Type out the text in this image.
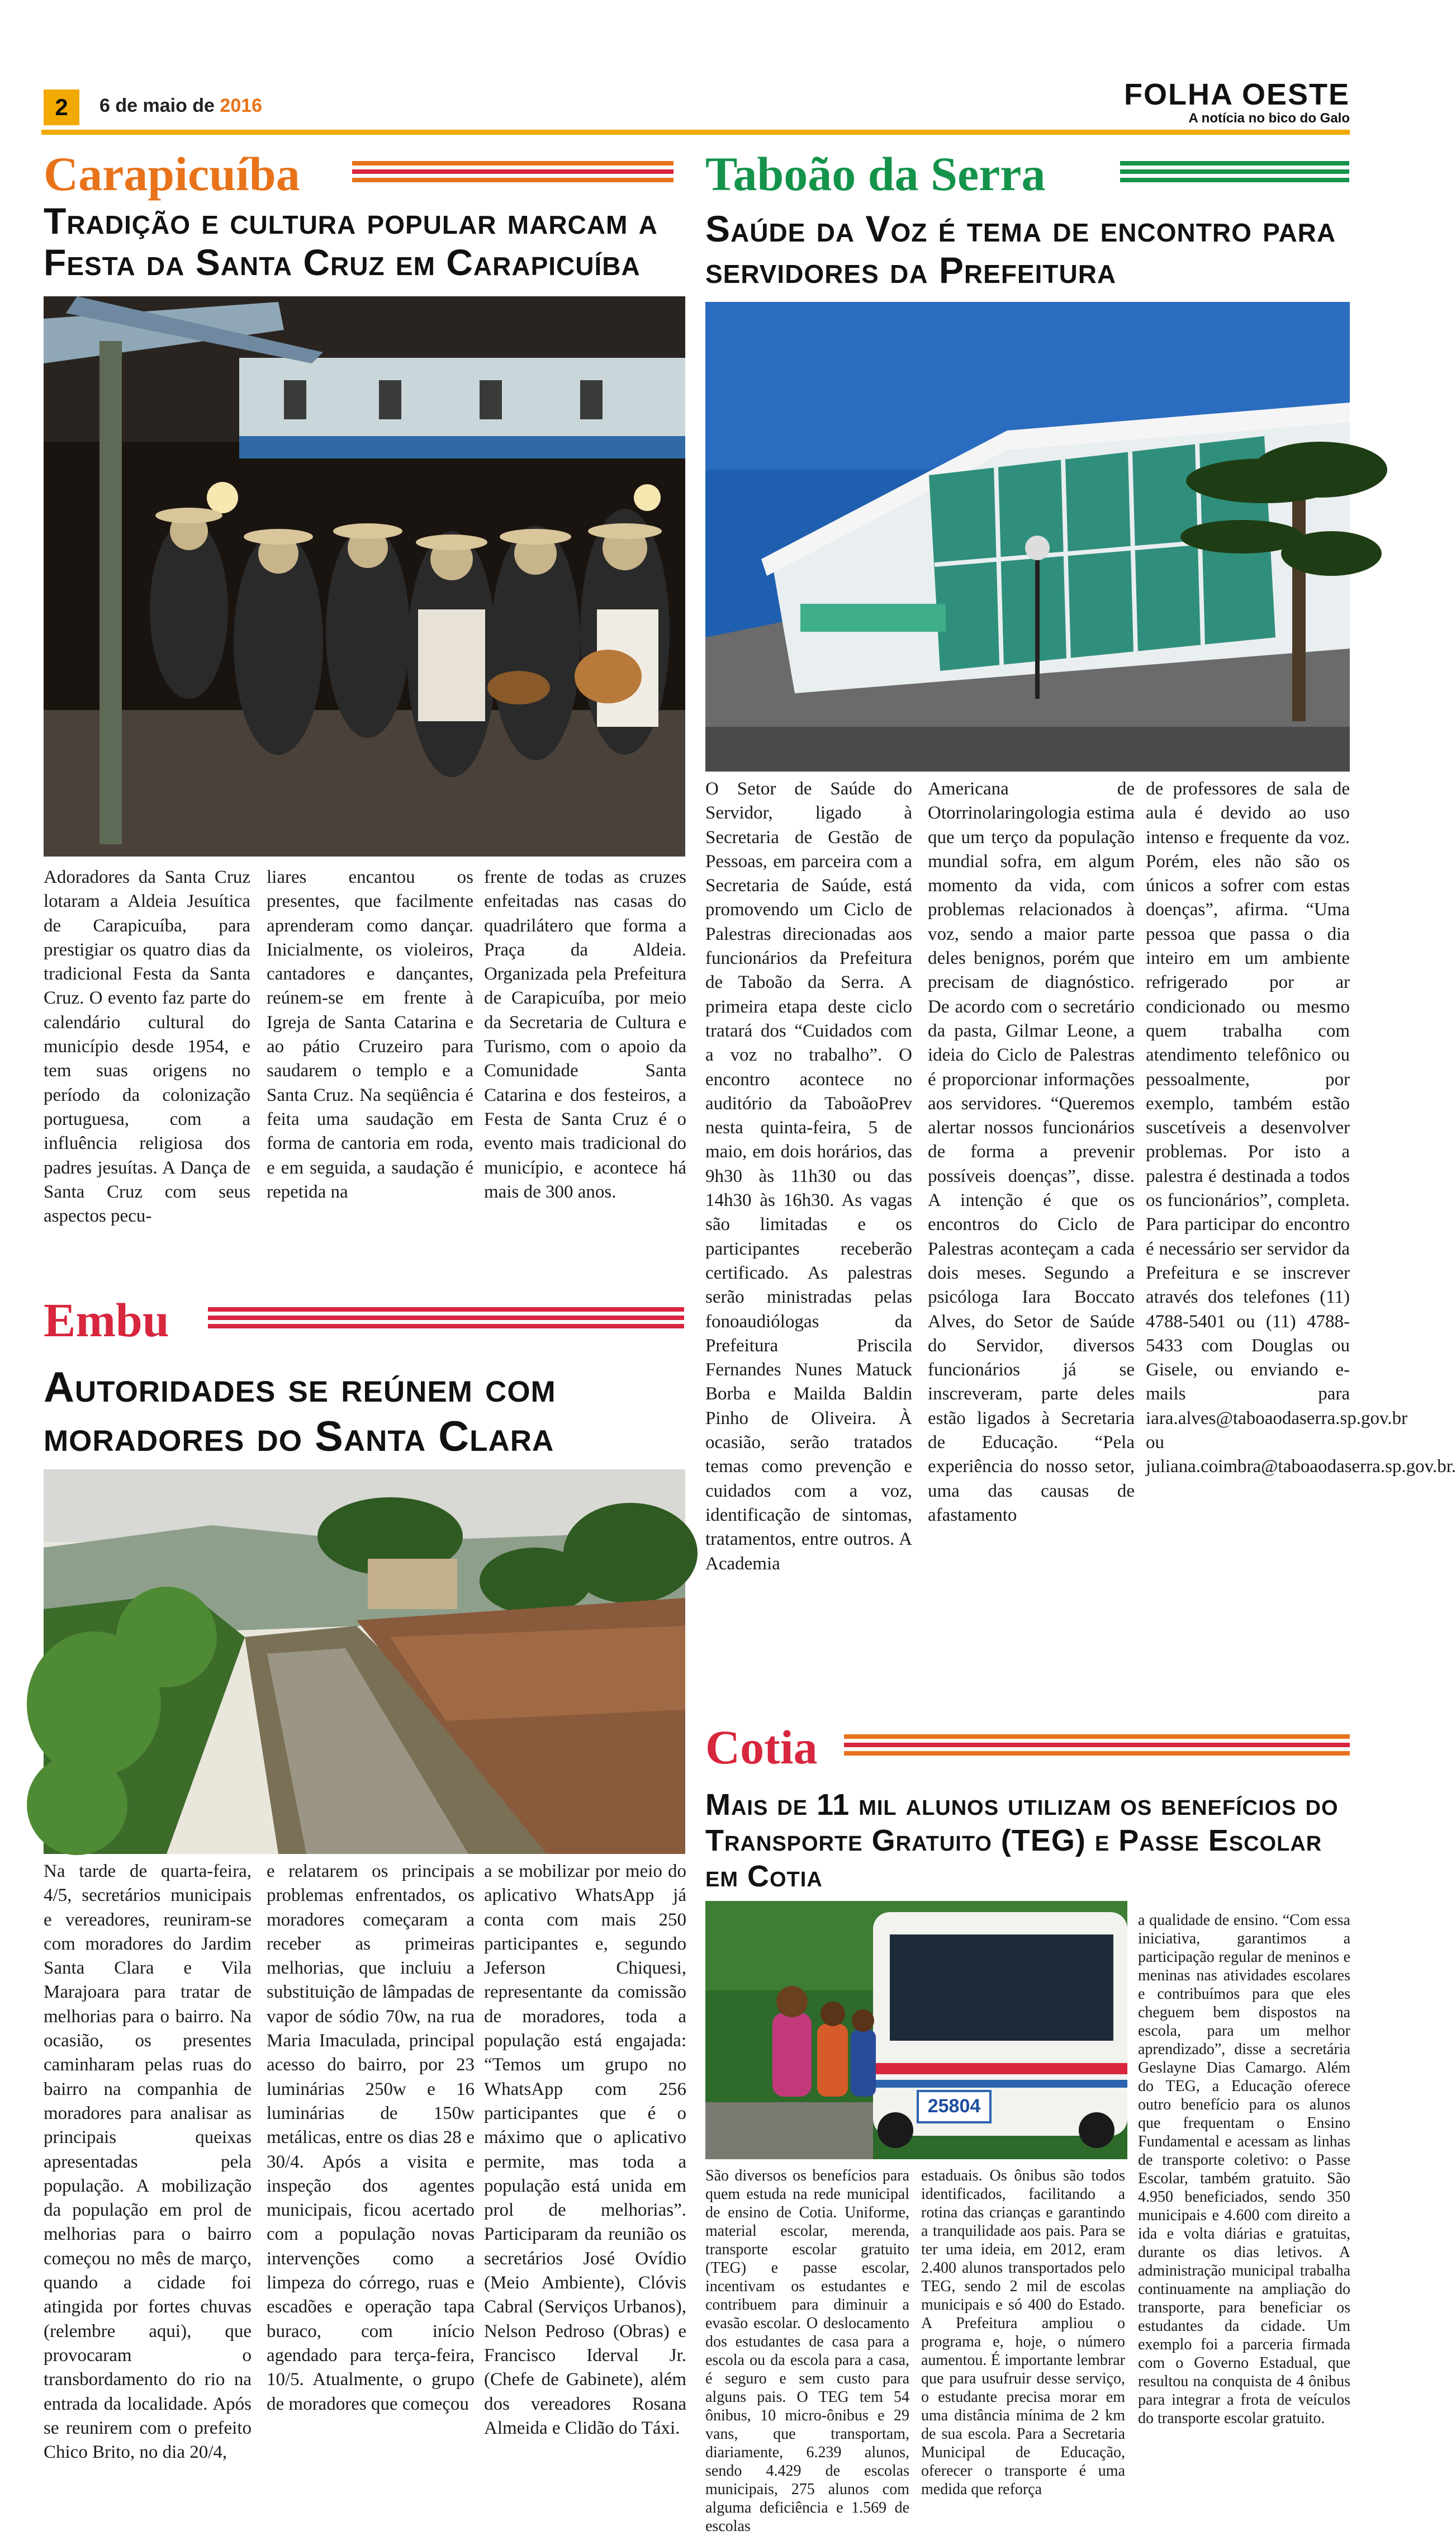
2	6 de maio de 2016	FOLHA OESTE
A notícia no bico do Galo
Carapicuíba
Tradição e cultura popular marcam a Festa da Santa Cruz em Carapicuíba
Adoradores da Santa Cruz lotaram a Aldeia Jesuítica de Carapicuíba, para prestigiar os quatro dias da tradicional Festa da Santa Cruz. O evento faz parte do calendário cultural do município desde 1954, e tem suas origens no período da colonização portuguesa, com a influência religiosa dos padres jesuítas. A Dança de Santa Cruz com seus aspectos pecu-
liares encantou os presentes, que facilmente aprenderam como dançar. Inicialmente, os violeiros, cantadores e dançantes, reúnem-se em frente à Igreja de Santa Catarina e ao pátio Cruzeiro para saudarem o templo e a Santa Cruz. Na seqüência é feita uma saudação em forma de cantoria em roda, e em seguida, a saudação é repetida na
frente de todas as cruzes enfeitadas nas casas do quadrilátero que forma a Praça da Aldeia. Organizada pela Prefeitura de Carapicuíba, por meio da Secretaria de Cultura e Turismo, com o apoio da Comunidade Santa Catarina e dos festeiros, a Festa de Santa Cruz é o evento mais tradicional do município, e acontece há mais de 300 anos.
Taboão da Serra
Saúde da Voz é tema de encontro para servidores da Prefeitura
O Setor de Saúde do Servidor, ligado à Secretaria de Gestão de Pessoas, em parceira com a Secretaria de Saúde, está promovendo um Ciclo de Palestras direcionadas aos funcionários da Prefeitura de Taboão da Serra. A primeira etapa deste ciclo tratará dos “Cuidados com a voz no trabalho”. O encontro acontece no auditório da TaboãoPrev nesta quinta-feira, 5 de maio, em dois horários, das 9h30 às 11h30 ou das 14h30 às 16h30. As vagas são limitadas e os participantes receberão certificado. As palestras serão ministradas pelas fonoaudiólogas da Prefeitura Priscila Fernandes Nunes Matuck Borba e Mailda Baldin Pinho de Oliveira. À ocasião, serão tratados temas como prevenção e cuidados com a voz, identificação de sintomas, tratamentos, entre outros. A Academia
Americana de Otorrinolaringologia estima que um terço da população mundial sofra, em algum momento da vida, com problemas relacionados à voz, sendo a maior parte deles benignos, porém que precisam de diagnóstico. De acordo com o secretário da pasta, Gilmar Leone, a ideia do Ciclo de Palestras é proporcionar informações aos servidores. “Queremos alertar nossos funcionários de forma a prevenir possíveis doenças”, disse. A intenção é que os encontros do Ciclo de Palestras aconteçam a cada dois meses. Segundo a psicóloga Iara Boccato Alves, do Setor de Saúde do Servidor, diversos funcionários já se inscreveram, parte deles estão ligados à Secretaria de Educação. “Pela experiência do nosso setor, uma das causas de afastamento
de professores de sala de aula é devido ao uso intenso e frequente da voz. Porém, eles não são os únicos a sofrer com estas doenças”, afirma. “Uma pessoa que passa o dia inteiro em um ambiente refrigerado por ar condicionado ou mesmo quem trabalha com atendimento telefônico ou pessoalmente, por exemplo, também estão suscetíveis a desenvolver problemas. Por isto a palestra é destinada a todos os funcionários”, completa. Para participar do encontro é necessário ser servidor da Prefeitura e se inscrever através dos telefones (11) 4788-5401 ou (11) 4788-5433 com Douglas ou Gisele, ou enviando e-mails para iara.alves@taboaodaserra.sp.gov.br ou juliana.coimbra@taboaodaserra.sp.gov.br.
Embu
Autoridades se reúnem com moradores do Santa Clara
Na tarde de quarta-feira, 4/5, secretários municipais e vereadores, reuniram-se com moradores do Jardim Santa Clara e Vila Marajoara para tratar de melhorias para o bairro. Na ocasião, os presentes caminharam pelas ruas do bairro na companhia de moradores para analisar as principais queixas apresentadas pela população. A mobilização da população em prol de melhorias para o bairro começou no mês de março, quando a cidade foi atingida por fortes chuvas (relembre aqui), que provocaram o transbordamento do rio na entrada da localidade. Após se reunirem com o prefeito Chico Brito, no dia 20/4,
e relatarem os principais problemas enfrentados, os moradores começaram a receber as primeiras melhorias, que incluiu a substituição de lâmpadas de vapor de sódio 70w, na rua Maria Imaculada, principal acesso do bairro, por 23 luminárias 250w e 16 luminárias de 150w metálicas, entre os dias 28 e 30/4. Após a visita e inspeção dos agentes municipais, ficou acertado com a população novas intervenções como a limpeza do córrego, ruas e escadões e operação tapa buraco, com início agendado para terça-feira, 10/5. Atualmente, o grupo de moradores que começou
a se mobilizar por meio do aplicativo WhatsApp já conta com mais 250 participantes e, segundo Jeferson Chiquesi, representante da comissão de moradores, toda a população está engajada: “Temos um grupo no WhatsApp com 256 participantes que é o máximo que o aplicativo permite, mas toda a população está unida em prol de melhorias”. Participaram da reunião os secretários José Ovídio (Meio Ambiente), Clóvis Cabral (Serviços Urbanos), Nelson Pedroso (Obras) e Francisco Iderval Jr. (Chefe de Gabinete), além dos vereadores Rosana Almeida e Clidão do Táxi.
Cotia
Mais de 11 mil alunos utilizam os benefícios do Transporte Gratuito (TEG) e Passe Escolar em Cotia
25804
São diversos os benefícios para quem estuda na rede municipal de ensino de Cotia. Uniforme, material escolar, merenda, transporte escolar gratuito (TEG) e passe escolar, incentivam os estudantes e contribuem para diminuir a evasão escolar. O deslocamento dos estudantes de casa para a escola ou da escola para a casa, é seguro e sem custo para alguns pais. O TEG tem 54 ônibus, 10 micro-ônibus e 29 vans, que transportam, diariamente, 6.239 alunos, sendo 4.429 de escolas municipais, 275 alunos com alguma deficiência e 1.569 de escolas
estaduais. Os ônibus são todos identificados, facilitando a rotina das crianças e garantindo a tranquilidade aos pais. Para se ter uma ideia, em 2012, eram 2.400 alunos transportados pelo TEG, sendo 2 mil de escolas municipais e só 400 do Estado. A Prefeitura ampliou o programa e, hoje, o número aumentou. É importante lembrar que para usufruir desse serviço, o estudante precisa morar em uma distância mínima de 2 km de sua escola. Para a Secretaria Municipal de Educação, oferecer o transporte é uma medida que reforça
a qualidade de ensino. “Com essa iniciativa, garantimos a participação regular de meninos e meninas nas atividades escolares e contribuímos para que eles cheguem bem dispostos na escola, para um melhor aprendizado”, disse a secretária Geslayne Dias Camargo. Além do TEG, a Educação oferece outro benefício para os alunos que frequentam o Ensino Fundamental e acessam as linhas de transporte coletivo: o Passe Escolar, também gratuito. São 4.950 beneficiados, sendo 350 municipais e 4.600 com direito a ida e volta diárias e gratuitas, durante os dias letivos. A administração municipal trabalha continuamente na ampliação do transporte, para beneficiar os estudantes da cidade. Um exemplo foi a parceria firmada com o Governo Estadual, que resultou na conquista de 4 ônibus para integrar a frota de veículos do transporte escolar gratuito.
